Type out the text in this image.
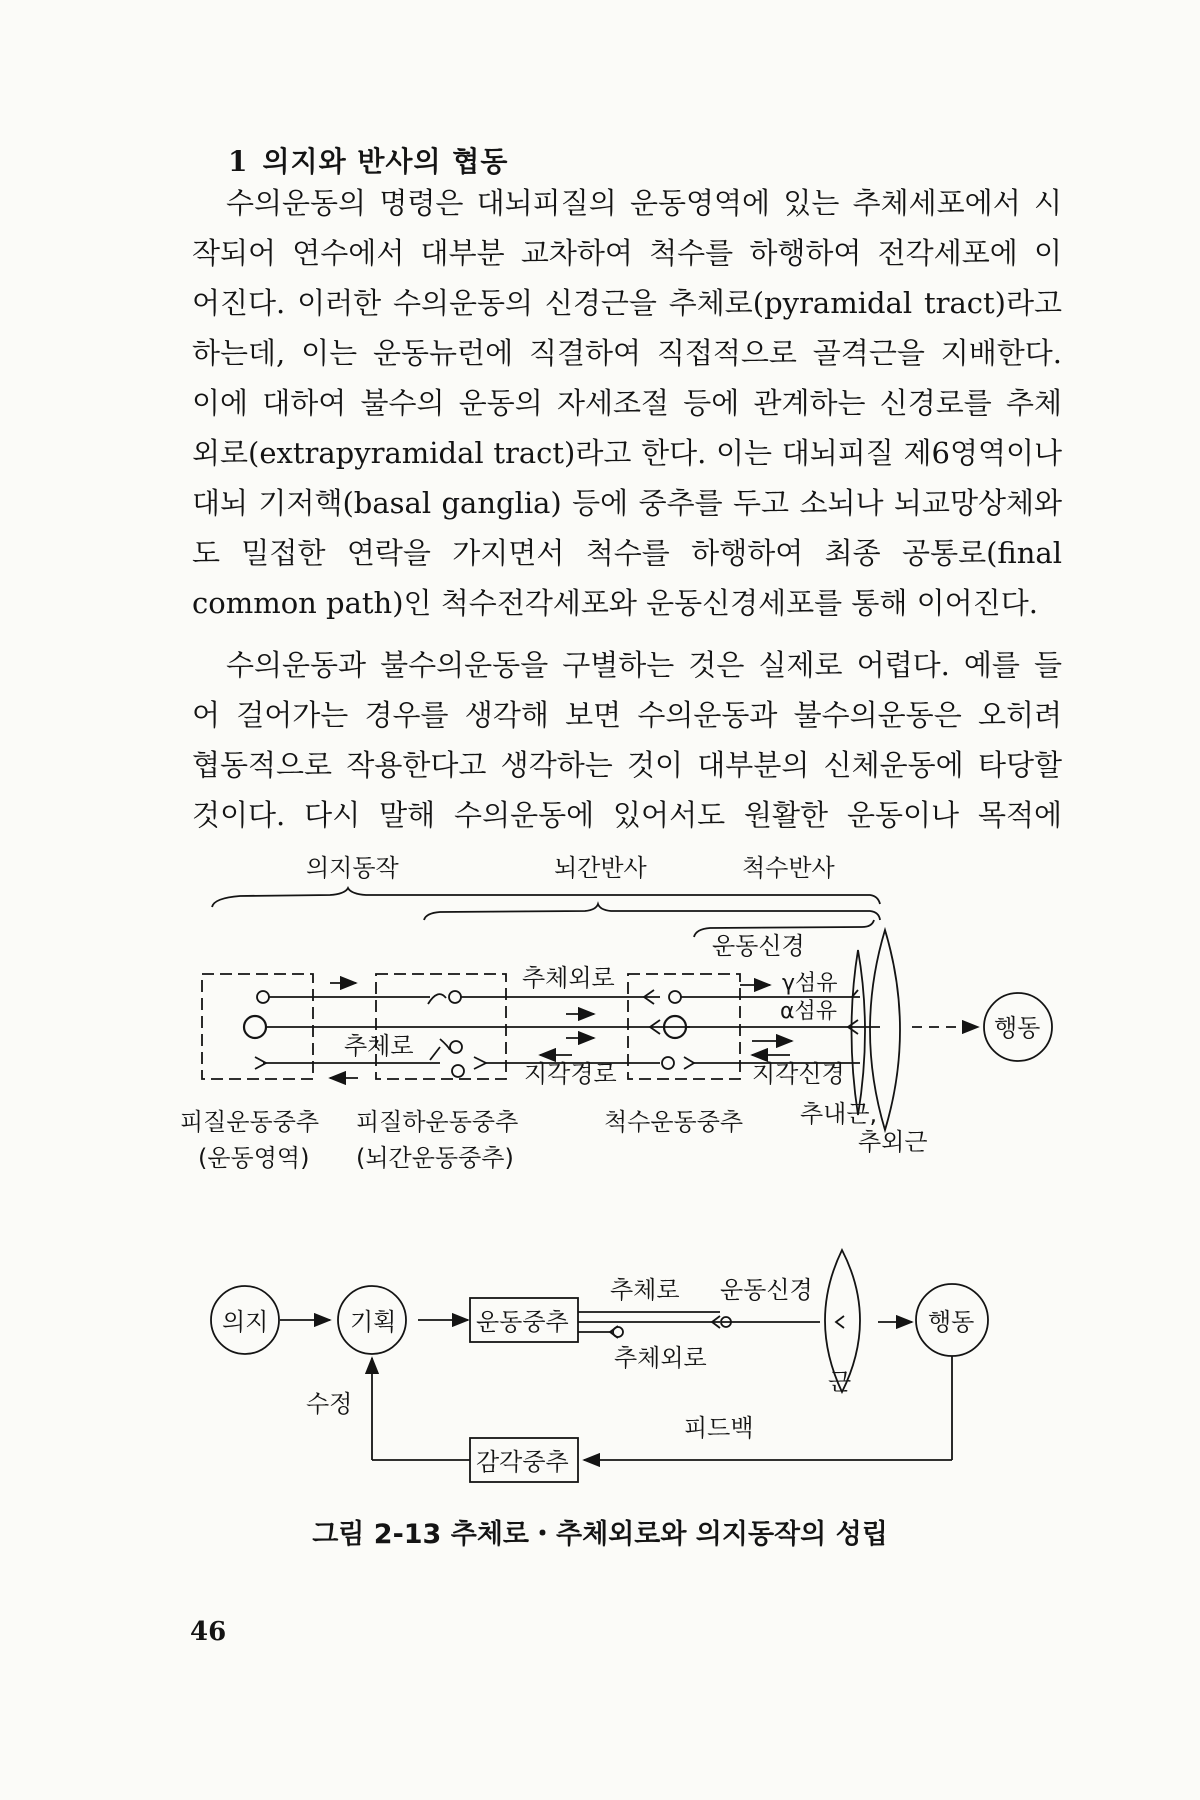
1 의지와 반사의 협동
수의운동의 명령은 대뇌피질의 운동영역에 있는 추체세포에서 시
작되어 연수에서 대부분 교차하여 척수를 하행하여 전각세포에 이
어진다. 이러한 수의운동의 신경근을 추체로(pyramidal tract)라고
하는데, 이는 운동뉴런에 직결하여 직접적으로 골격근을 지배한다.
이에 대하여 불수의 운동의 자세조절 등에 관계하는 신경로를 추체
외로(extrapyramidal tract)라고 한다. 이는 대뇌피질 제6영역이나
대뇌 기저핵(basal ganglia) 등에 중추를 두고 소뇌나 뇌교망상체와
도 밀접한 연락을 가지면서 척수를 하행하여 최종 공통로(final
common path)인 척수전각세포와 운동신경세포를 통해 이어진다.
수의운동과 불수의운동을 구별하는 것은 실제로 어렵다. 예를 들
어 걸어가는 경우를 생각해 보면 수의운동과 불수의운동은 오히려
협동적으로 작용한다고 생각하는 것이 대부분의 신체운동에 타당할
것이다. 다시 말해 수의운동에 있어서도 원활한 운동이나 목적에
의지동작	뇌간반사	척수반사
운동신경
추체외로	γ섬유
α섬유
추체로
지각경로	지각신경
행동
피질운동중추
(운동영역)
피질하운동중추
(뇌간운동중추)
척수운동중추 추내근,
추외근
의지	기획	운동중추
추체로 운동신경
추체외로
근
행동
수정
피드백
감각중추
그림 2-13 추체로・추체외로와 의지동작의 성립
46
